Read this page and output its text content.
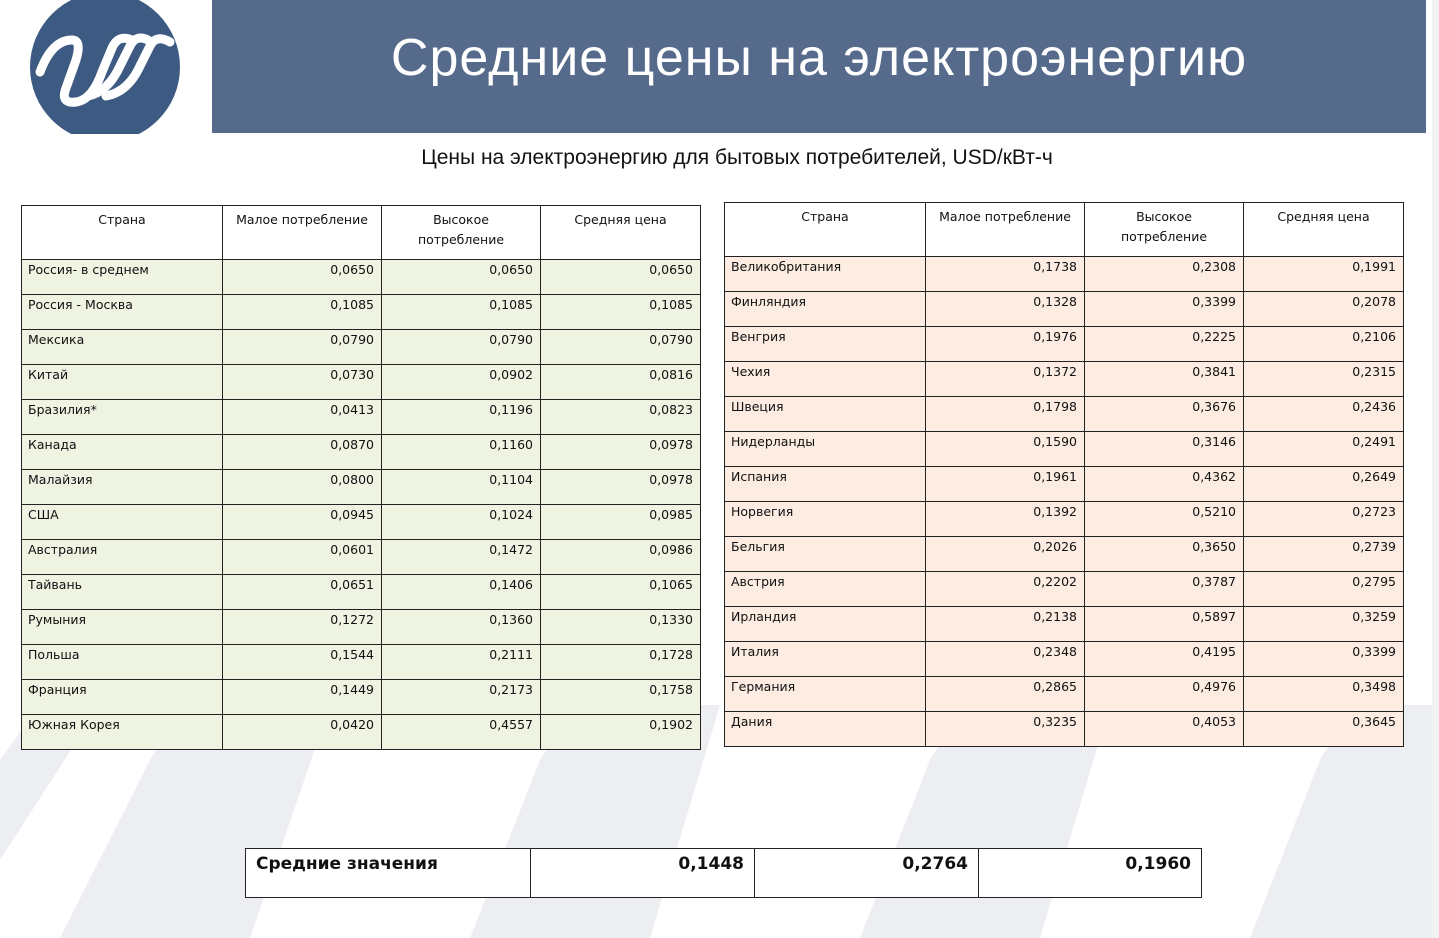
Средние цены на электроэнергию
Цены на электроэнергию для бытовых потребителей, USD/кВт-ч
Страна	Малое потребление	Высокое потребление	Средняя цена
Россия- в среднем	0,0650	0,0650	0,0650
Россия - Москва	0,1085	0,1085	0,1085
Мексика	0,0790	0,0790	0,0790
Китай	0,0730	0,0902	0,0816
Бразилия*	0,0413	0,1196	0,0823
Канада	0,0870	0,1160	0,0978
Малайзия	0,0800	0,1104	0,0978
США	0,0945	0,1024	0,0985
Австралия	0,0601	0,1472	0,0986
Тайвань	0,0651	0,1406	0,1065
Румыния	0,1272	0,1360	0,1330
Польша	0,1544	0,2111	0,1728
Франция	0,1449	0,2173	0,1758
Южная Корея	0,0420	0,4557	0,1902
Страна	Малое потребление	Высокое потребление	Средняя цена
Великобритания	0,1738	0,2308	0,1991
Финляндия	0,1328	0,3399	0,2078
Венгрия	0,1976	0,2225	0,2106
Чехия	0,1372	0,3841	0,2315
Швеция	0,1798	0,3676	0,2436
Нидерланды	0,1590	0,3146	0,2491
Испания	0,1961	0,4362	0,2649
Норвегия	0,1392	0,5210	0,2723
Бельгия	0,2026	0,3650	0,2739
Австрия	0,2202	0,3787	0,2795
Ирландия	0,2138	0,5897	0,3259
Италия	0,2348	0,4195	0,3399
Германия	0,2865	0,4976	0,3498
Дания	0,3235	0,4053	0,3645
Средние значения	0,1448	0,2764	0,1960
